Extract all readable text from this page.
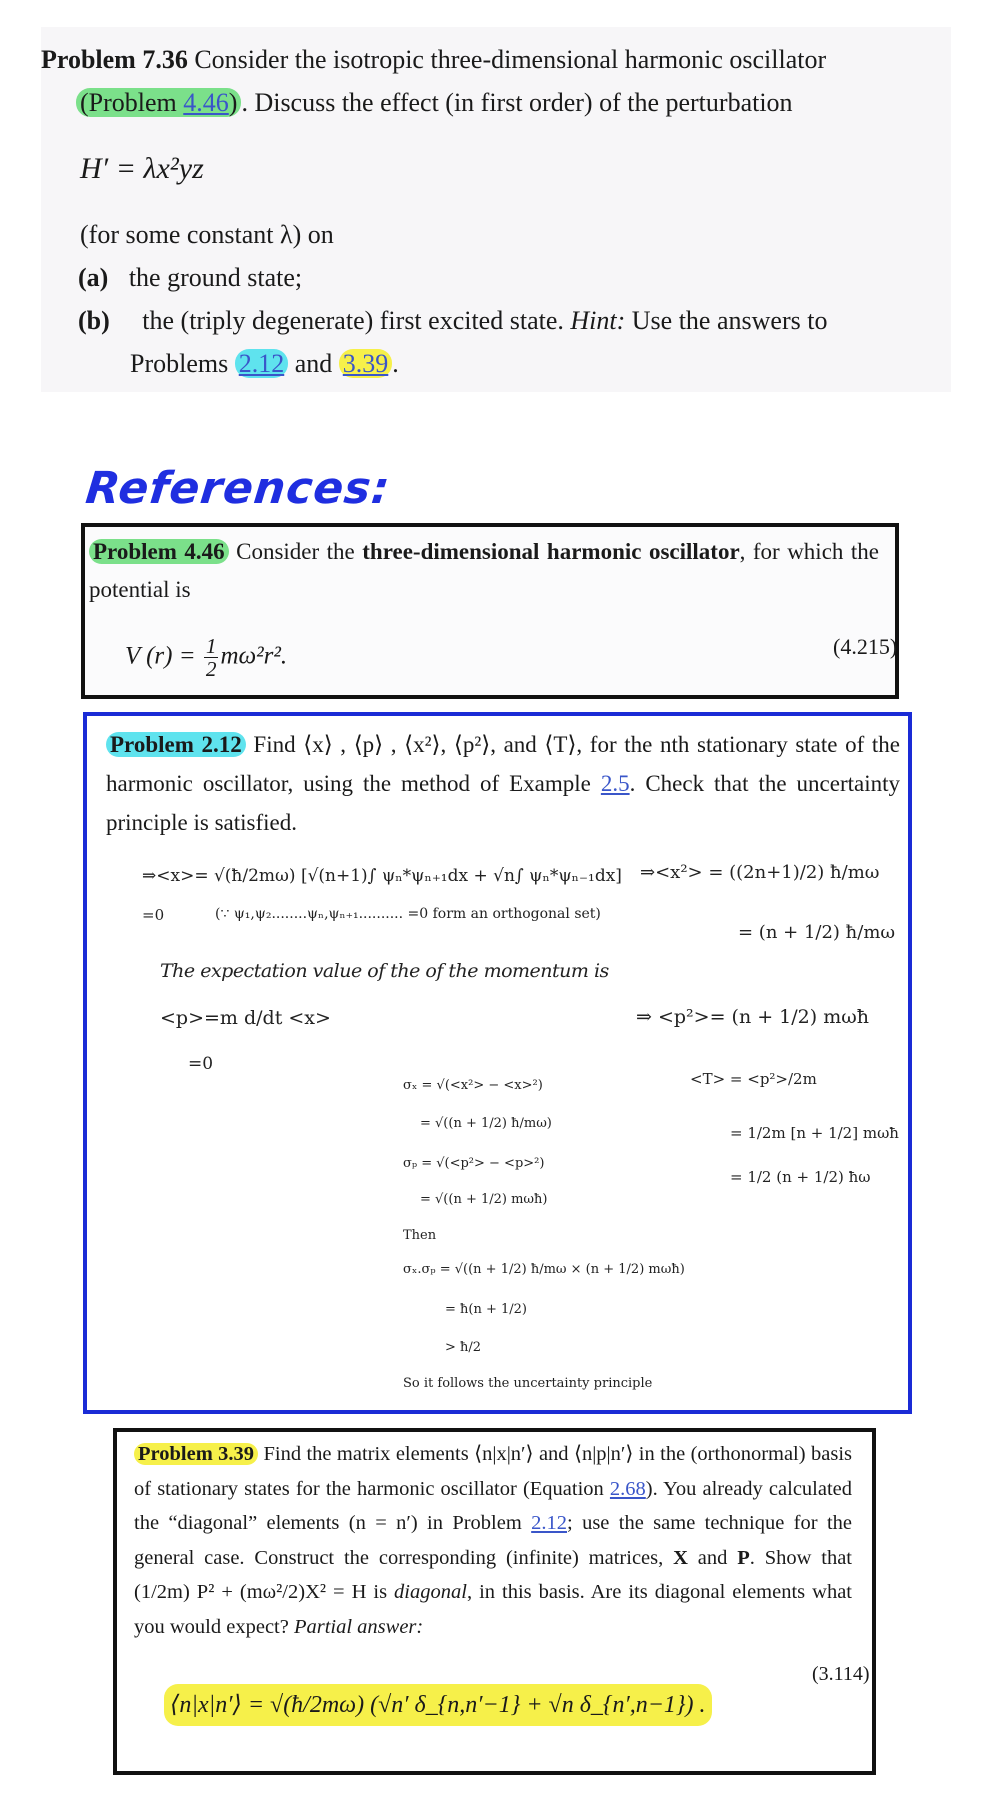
Problem 7.36 Consider the isotropic three-dimensional harmonic oscillator
(Problem 4.46) . Discuss the effect (in first order) of the perturbation
H′ = λx²yz
(for some constant λ) on
(a) the ground state;
(b) the (triply degenerate) first excited state. Hint: Use the answers to
Problems 2.12 and 3.39 .
References:
Problem 4.46 Consider the three-dimensional harmonic oscillator, for which the potential is
V $(r) = \frac{1}{2} m\omega^2r^2$.	(4.215)
Problem 2.12 Find ⟨x⟩ , ⟨p⟩ , ⟨x²⟩, ⟨p²⟩, and ⟨T⟩, for the nth stationary state of the harmonic oscillator, using the method of Example 2.5. Check that the uncertainty principle is satisfied.
⇒<x>= √(ħ/2mω) [√(n+1)∫ ψₙ*ψₙ₊₁dx + √n∫ ψₙ*ψₙ₋₁dx]
=0	(∵ ψ₁,ψ₂........ψₙ,ψₙ₊₁.......... =0 form an orthogonal set)
⇒<x²> = ((2n+1)/2) ħ/mω
= (n + 1/2) ħ/mω
The expectation value of the of the momentum is
<p>=m d/dt <x>
=0
⇒ <p²>= (n + 1/2) mωħ
σₓ = √(<x²> − <x>²)
= √((n + 1/2) ħ/mω)
σₚ = √(<p²> − <p>²)
= √((n + 1/2) mωħ)
Then
σₓ.σₚ = √((n + 1/2) ħ/mω × (n + 1/2) mωħ)
= ħ(n + 1/2)
> ħ/2
So it follows the uncertainty principle
<T> = <p²>/2m
= 1/2m [n + 1/2] mωħ
= 1/2 (n + 1/2) ħω
Problem 3.39 Find the matrix elements ⟨n|x|n′⟩ and ⟨n|p|n′⟩ in the (orthonormal) basis of stationary states for the harmonic oscillator (Equation 2.68). You already calculated the “diagonal” elements (n = n′) in Problem 2.12; use the same technique for the general case. Construct the corresponding (infinite) matrices, X and P. Show that (1/2m) P² + (mω²/2)X² = H is diagonal, in this basis. Are its diagonal elements what you would expect? Partial answer:
⟨n|x|n′⟩ = √(ħ/2mω) (√n′ δ_{n,n′−1} + √n δ_{n′,n−1}) .
(3.114)
